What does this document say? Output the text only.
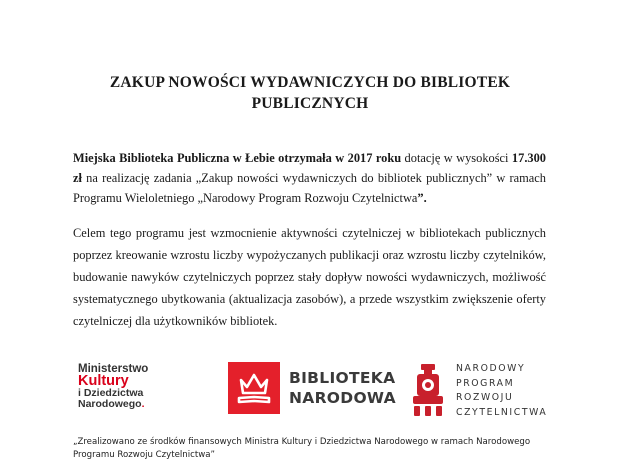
ZAKUP NOWOŚCI WYDAWNICZYCH DO BIBLIOTEK
PUBLICZNYCH
Miejska Biblioteka Publiczna w Łebie otrzymała w 2017 roku dotację w wysokości 17.300 zł na realizację zadania „Zakup nowości wydawniczych do bibliotek publicznych” w ramach Programu Wieloletniego „Narodowy Program Rozwoju Czytelnictwa”.
Celem tego programu jest wzmocnienie aktywności czytelniczej w bibliotekach publicznych poprzez kreowanie wzrostu liczby wypożyczanych publikacji oraz wzrostu liczby czytelników, budowanie nawyków czytelniczych poprzez stały dopływ nowości wydawniczych, możliwość systematycznego ubytkowania (aktualizacja zasobów), a przede wszystkim zwiększenie oferty czytelniczej dla użytkowników bibliotek.
Ministerstwo
Kultury
i Dziedzictwa
Narodowego.
BIBLIOTEKA
NARODOWA
NARODOWY
PROGRAM
ROZWOJU
CZYTELNICTWA
„Zrealizowano ze środków finansowych Ministra Kultury i Dziedzictwa Narodowego w ramach Narodowego Programu Rozwoju Czytelnictwa”
